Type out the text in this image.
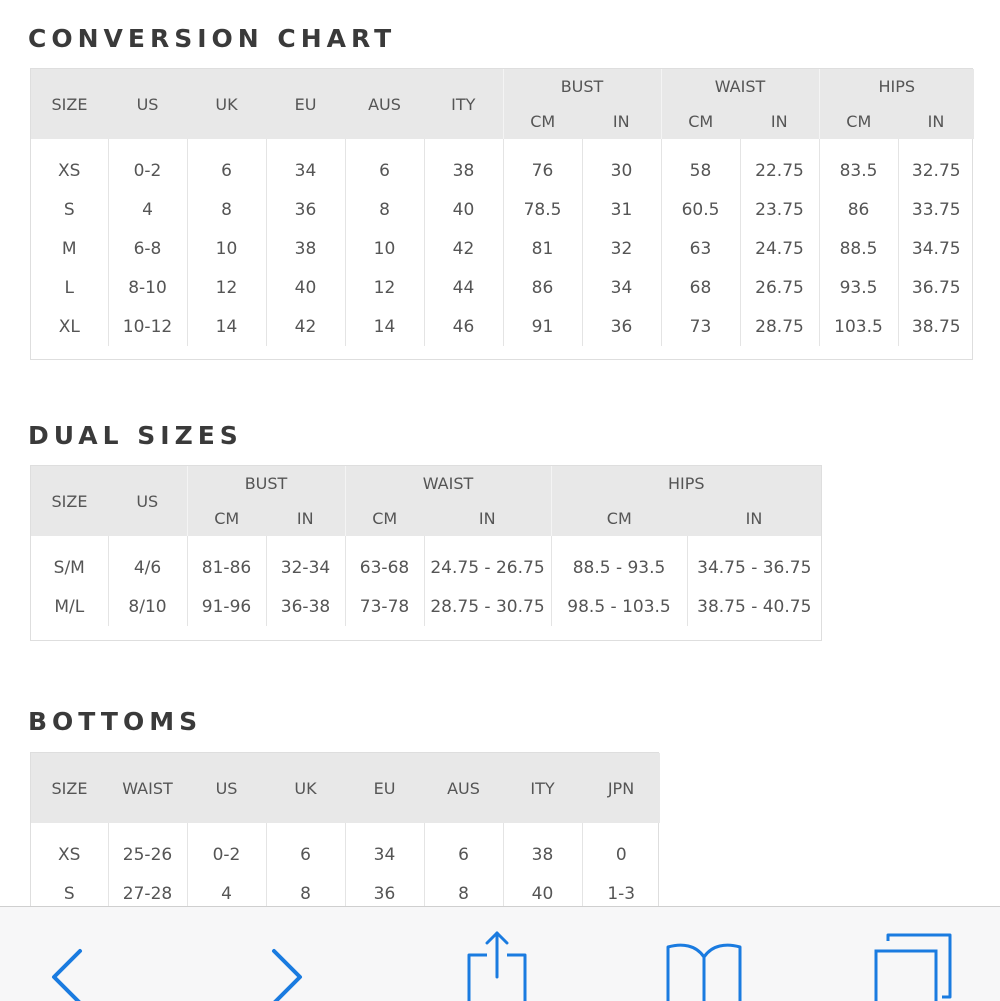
CONVERSION CHART
SIZE	US	UK	EU	AUS	ITY	BUST		WAIST		HIPS	
						CM	IN	CM	IN	CM	IN

XS	0-2	6	34	6	38	76	30	58	22.75	83.5	32.75
S	4	8	36	8	40	78.5	31	60.5	23.75	86	33.75
M	6-8	10	38	10	42	81	32	63	24.75	88.5	34.75
L	8-10	12	40	12	44	86	34	68	26.75	93.5	36.75
XL	10-12	14	42	14	46	91	36	73	28.75	103.5	38.75
DUAL SIZES
SIZE	US	BUST		WAIST		HIPS	
		CM	IN	CM	IN	CM	IN

S/M	4/6	81-86	32-34	63-68	24.75 - 26.75	88.5 - 93.5	34.75 - 36.75
M/L	8/10	91-96	36-38	73-78	28.75 - 30.75	98.5 - 103.5	38.75 - 40.75
BOTTOMS
SIZE	WAIST	US	UK	EU	AUS	ITY	JPN

XS	25-26	0-2	6	34	6	38	0
S	27-28	4	8	36	8	40	1-3
